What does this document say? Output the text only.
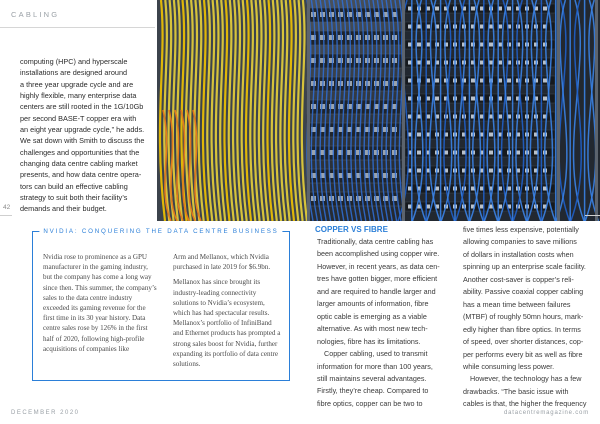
CABLING

computing (HPC) and hyperscale

installations are designed around

a three year upgrade cycle and are

highly flexible, many enterprise data

centers are still rooted in the 1G/10Gb

per second BASE-T copper era with

an eight year upgrade cycle,” he adds.

We sat down with Smith to discuss the

challenges and opportunities that the

changing data centre cabling market

presents, and how data centre opera-

tors can build an effective cabling

strategy to suit both their facility’s

demands and their budget.

42
NVIDIA: CONQUERING THE DATA CENTRE BUSINESS

Nvidia rose to prominence as a GPU manufacturer in the gaming industry, but the company has come a long way since then. This summer, the company’s sales to the data centre industry exceeded its gaming revenue for the first time in its 30 year history. Data centre sales rose by 126% in the first half of 2020, following high-profile acquisitions of companies like

Arm and Mellanox, which Nvidia purchased in late 2019 for $6.9bn.

Mellanox has since brought its industry-leading connectivity solutions to Nvidia’s ecosystem, which has had spectacular results. Mellanox’s portfolio of InfiniBand and Ethernet products has prompted a strong sales boost for Nvidia, further expanding its portfolio of data centre solutions.

COPPER VS FIBRE

Traditionally, data centre cabling has

been accomplished using copper wire.

However, in recent years, as data cen-

tres have gotten bigger, more efficient

and are required to handle larger and

larger amounts of information, fibre

optic cable is emerging as a viable

alternative. As with most new tech-

nologies, fibre has its limitations.

Copper cabling, used to transmit

information for more than 100 years,

still maintains several advantages.

Firstly, they’re cheap. Compared to

fibre optics, copper can be two to

five times less expensive, potentially

allowing companies to save millions

of dollars in installation costs when

spinning up an enterprise scale facility.

Another cost-saver is copper’s reli-

ability. Passive coaxial copper cabling

has a mean time between failures

(MTBF) of roughly 50mn hours, mark-

edly higher than fibre optics. In terms

of speed, over shorter distances, cop-

per performs every bit as well as fibre

while consuming less power.

However, the technology has a few

drawbacks. “The basic issue with

cables is that, the higher the frequency

DECEMBER 2020	datacentremagazine.com
